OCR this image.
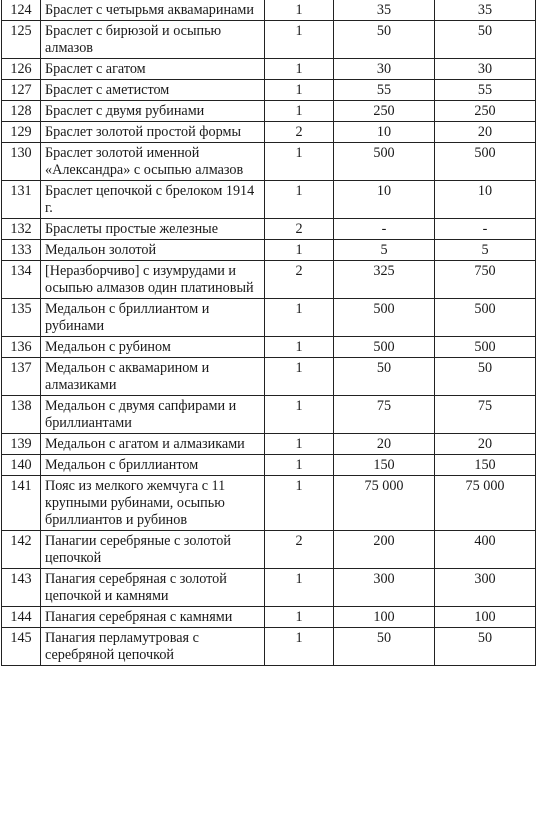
124	Браслет с четырьмя аквамаринами	1	35	35
125	Браслет с бирюзой и осыпью алмазов	1	50	50
126	Браслет с агатом	1	30	30
127	Браслет с аметистом	1	55	55
128	Браслет с двумя рубинами	1	250	250
129	Браслет золотой простой формы	2	10	20
130	Браслет золотой именной «Александра» с осыпью алмазов	1	500	500
131	Браслет цепочкой с брелоком 1914 г.	1	10	10
132	Браслеты простые железные	2	-	-
133	Медальон золотой	1	5	5
134	[Неразборчиво] с изумрудами и осыпью алмазов один платиновый	2	325	750
135	Медальон с бриллиантом и рубинами	1	500	500
136	Медальон с рубином	1	500	500
137	Медальон с аквамарином и алмазиками	1	50	50
138	Медальон с двумя сапфирами и бриллиантами	1	75	75
139	Медальон с агатом и алмазиками	1	20	20
140	Медальон с бриллиантом	1	150	150
141	Пояс из мелкого жемчуга с 11 крупными рубинами, осыпью бриллиантов и рубинов	1	75 000	75 000
142	Панагии серебряные с золотой цепочкой	2	200	400
143	Панагия серебряная с золотой цепочкой и камнями	1	300	300
144	Панагия серебряная с камнями	1	100	100
145	Панагия перламутровая с серебряной цепочкой	1	50	50
